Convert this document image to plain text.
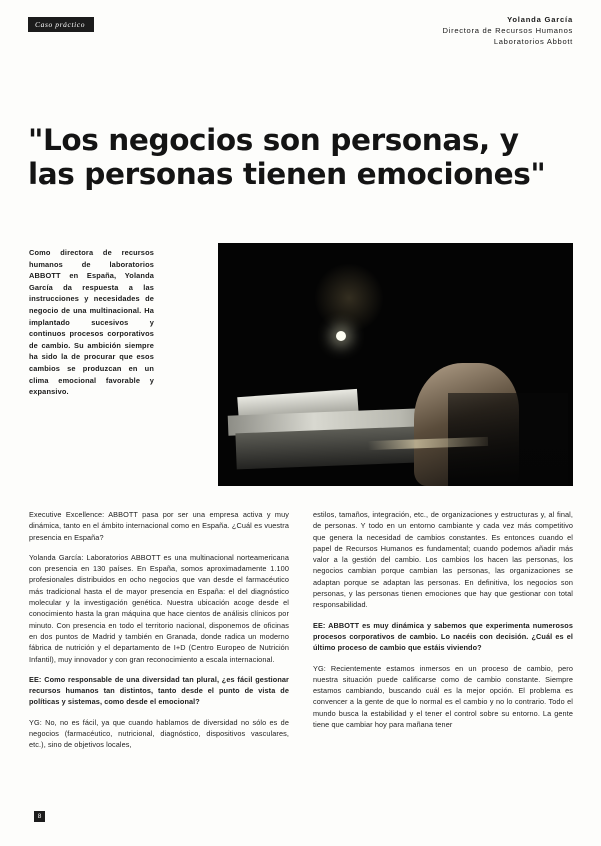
Caso práctico
Yolanda García
Directora de Recursos Humanos
Laboratorios Abbott
"Los negocios son personas, y
las personas tienen emociones"
Como directora de recursos humanos de laboratorios ABBOTT en España, Yolanda García da respuesta a las instrucciones y necesidades de negocio de una multinacional. Ha implantado sucesivos y continuos procesos corporativos de cambio. Su ambición siempre ha sido la de procurar que esos cambios se produzcan en un clima emocional favorable y expansivo.

Executive Excellence: ABBOTT pasa por ser una empresa activa y muy dinámica, tanto en el ámbito internacional como en España. ¿Cuál es vuestra presencia en España?

Yolanda García: Laboratorios ABBOTT es una multinacional norteamericana con presencia en 130 países. En España, somos aproximadamente 1.100 profesionales distribuidos en ocho negocios que van desde el farmacéutico más tradicional hasta el de mayor presencia en España: el del diagnóstico molecular y la investigación genética. Nuestra ubicación acoge desde el conocimiento hasta la gran máquina que hace cientos de análisis clínicos por minuto. Con presencia en todo el territorio nacional, disponemos de oficinas en dos puntos de Madrid y también en Granada, donde radica un moderno fábrica de nutrición y el departamento de I+D (Centro Europeo de Nutrición Infantil), muy innovador y con gran reconocimiento a escala internacional.

EE: Como responsable de una diversidad tan plural, ¿es fácil gestionar recursos humanos tan distintos, tanto desde el punto de vista de políticas y sistemas, como desde el emocional?

YG: No, no es fácil, ya que cuando hablamos de diversidad no sólo es de negocios (farmacéutico, nutricional, diagnóstico, dispositivos vasculares, etc.), sino de objetivos locales,

estilos, tamaños, integración, etc., de organizaciones y estructuras y, al final, de personas. Y todo en un entorno cambiante y cada vez más competitivo que genera la necesidad de cambios constantes. Es entonces cuando el papel de Recursos Humanos es fundamental; cuando podemos añadir más valor a la gestión del cambio. Los cambios los hacen las personas, los negocios cambian porque cambian las personas, las organizaciones se adaptan porque se adaptan las personas. En definitiva, los negocios son personas, y las personas tienen emociones que hay que gestionar con total responsabilidad.

EE: ABBOTT es muy dinámica y sabemos que experimenta numerosos procesos corporativos de cambio. Lo nacéis con decisión. ¿Cuál es el último proceso de cambio que estáis viviendo?

YG: Recientemente estamos inmersos en un proceso de cambio, pero nuestra situación puede calificarse como de cambio constante. Siempre estamos cambiando, buscando cuál es la mejor opción. El problema es convencer a la gente de que lo normal es el cambio y no lo contrario. Todo el mundo busca la estabilidad y el tener el control sobre su entorno. La gente tiene que cambiar hoy para mañana tener

8
